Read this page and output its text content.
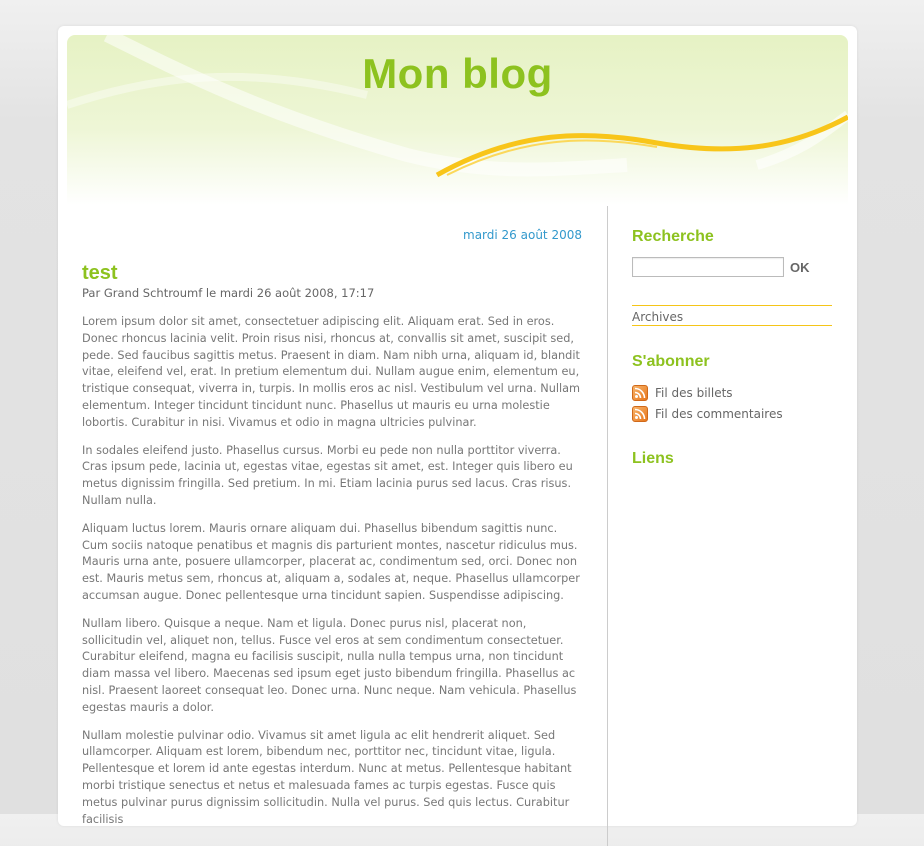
Mon blog
mardi 26 août 2008
test
Par Grand Schtroumf le mardi 26 août 2008, 17:17

Lorem ipsum dolor sit amet, consectetuer adipiscing elit. Aliquam erat. Sed in eros. Donec rhoncus lacinia velit. Proin risus nisi, rhoncus at, convallis sit amet, suscipit sed, pede. Sed faucibus sagittis metus. Praesent in diam. Nam nibh urna, aliquam id, blandit vitae, eleifend vel, erat. In pretium elementum dui. Nullam augue enim, elementum eu, tristique consequat, viverra in, turpis. In mollis eros ac nisl. Vestibulum vel urna. Nullam elementum. Integer tincidunt tincidunt nunc. Phasellus ut mauris eu urna molestie lobortis. Curabitur in nisi. Vivamus et odio in magna ultricies pulvinar.

In sodales eleifend justo. Phasellus cursus. Morbi eu pede non nulla porttitor viverra. Cras ipsum pede, lacinia ut, egestas vitae, egestas sit amet, est. Integer quis libero eu metus dignissim fringilla. Sed pretium. In mi. Etiam lacinia purus sed lacus. Cras risus. Nullam nulla.

Aliquam luctus lorem. Mauris ornare aliquam dui. Phasellus bibendum sagittis nunc. Cum sociis natoque penatibus et magnis dis parturient montes, nascetur ridiculus mus. Mauris urna ante, posuere ullamcorper, placerat ac, condimentum sed, orci. Donec non est. Mauris metus sem, rhoncus at, aliquam a, sodales at, neque. Phasellus ullamcorper accumsan augue. Donec pellentesque urna tincidunt sapien. Suspendisse adipiscing.

Nullam libero. Quisque a neque. Nam et ligula. Donec purus nisl, placerat non, sollicitudin vel, aliquet non, tellus. Fusce vel eros at sem condimentum consectetuer. Curabitur eleifend, magna eu facilisis suscipit, nulla nulla tempus urna, non tincidunt diam massa vel libero. Maecenas sed ipsum eget justo bibendum fringilla. Phasellus ac nisl. Praesent laoreet consequat leo. Donec urna. Nunc neque. Nam vehicula. Phasellus egestas mauris a dolor.

Nullam molestie pulvinar odio. Vivamus sit amet ligula ac elit hendrerit aliquet. Sed ullamcorper. Aliquam est lorem, bibendum nec, porttitor nec, tincidunt vitae, ligula. Pellentesque et lorem id ante egestas interdum. Nunc at metus. Pellentesque habitant morbi tristique senectus et netus et malesuada fames ac turpis egestas. Fusce quis metus pulvinar purus dignissim sollicitudin. Nulla vel purus. Sed quis lectus. Curabitur facilisis

Recherche
OK
Archives
S'abonner
Fil des billets
Fil des commentaires
Liens
